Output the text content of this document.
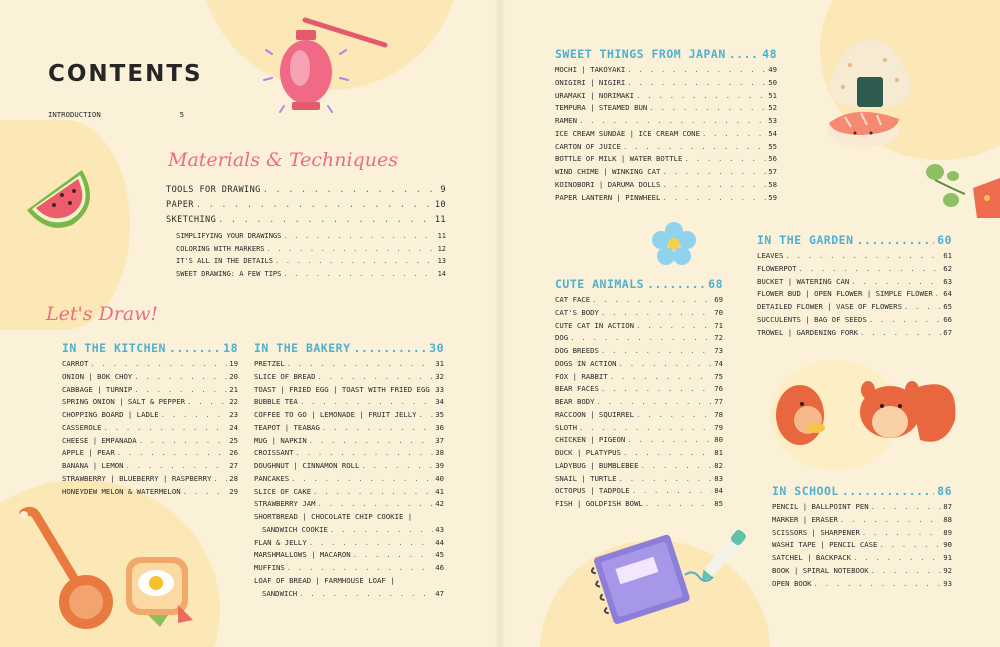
CONTENTS
INTRODUCTION	5
Materials & Techniques
TOOLS FOR DRAWING . . .	9
PAPER . . .	10
SKETCHING . . .	11
SIMPLIFYING YOUR DRAWINGS . . .	11
COLORING WITH MARKERS . . .	12
IT'S ALL IN THE DETAILS . . .	13
SWEET DRAWING: A FEW TIPS . . .	14
Let's Draw!
IN THE KITCHEN .....	18
CARROT . . .	19
ONION | BOK CHOY . . .	20
CABBAGE | TURNIP . . .	21
SPRING ONION | SALT & PEPPER . . .	22
CHOPPING BOARD | LADLE . . .	23
CASSEROLE . . .	24
CHEESE | EMPANADA . . .	25
APPLE | PEAR . . .	26
BANANA | LEMON . . .	27
STRAWBERRY | BLUEBERRY | RASPBERRY . . . 28
HONEYDEW MELON & WATERMELON . . .	29
IN THE BAKERY .....	30
PRETZEL . . .	31
SLICE OF BREAD . . .	32
TOAST | FRIED EGG | TOAST WITH FRIED EGG . . . 33
BUBBLE TEA . . .	34
COFFEE TO GO | LEMONADE | FRUIT JELLY . . .	35
TEAPOT | TEABAG . . .	36
MUG | NAPKIN . . .	37
CROISSANT . . .	38
DOUGHNUT | CINNAMON ROLL . . .	39
PANCAKES . . .	40
SLICE OF CAKE . . .	41
STRAWBERRY JAM . . .	42
SHORTBREAD | CHOCOLATE CHIP COOKIE |
SANDWICH COOKIE . . .	43
FLAN & JELLY . . .	44
MARSHMALLOWS | MACARON . . .	45
MUFFINS . . .	46
LOAF OF BREAD | FARMHOUSE LOAF |
SANDWICH . . .	47
SWEET THINGS FROM JAPAN .....	48
MOCHI | TAKOYAKI . . .	49
ONIGIRI | NIGIRI . . .	50
URAMAKI | NORIMAKI . . .	51
TEMPURA | STEAMED BUN . . .	52
RAMEN . . .	53
ICE CREAM SUNDAE | ICE CREAM CONE . . .	54
CARTON OF JUICE . . .	55
BOTTLE OF MILK | WATER BOTTLE . . .	56
WIND CHIME | WINKING CAT . . .	57
KOINOBORI | DARUMA DOLLS . . .	58
PAPER LANTERN | PINWHEEL . . .	59
CUTE ANIMALS .....	68
CAT FACE . . .	69
CAT'S BODY . . .	70
CUTE CAT IN ACTION . . .	71
DOG . . .	72
DOG BREEDS . . .	73
DOGS IN ACTION . . .	74
FOX | RABBIT . . .	75
BEAR FACES . . .	76
BEAR BODY . . .	77
RACCOON | SQUIRREL . . .	78
SLOTH . . .	79
CHICKEN | PIGEON . . .	80
DUCK | PLATYPUS . . .	81
LADYBUG | BUMBLEBEE . . .	82
SNAIL | TURTLE . . .	83
OCTOPUS | TADPOLE . . .	84
FISH | GOLDFISH BOWL . . .	85
IN THE GARDEN .....	60
LEAVES . . .	61
FLOWERPOT . . .	62
BUCKET | WATERING CAN . . .	63
FLOWER BUD | OPEN FLOWER | SIMPLE FLOWER . . . 64
DETAILED FLOWER | VASE OF FLOWERS . . .	65
SUCCULENTS | BAG OF SEEDS . . .	66
TROWEL | GARDENING FORK . . .	67
IN SCHOOL .....	86
PENCIL | BALLPOINT PEN . . .	87
MARKER | ERASER . . .	88
SCISSORS | SHARPENER . . .	89
WASHI TAPE | PENCIL CASE . . .	90
SATCHEL | BACKPACK . . .	91
BOOK | SPIRAL NOTEBOOK . . .	92
OPEN BOOK . . .	93
